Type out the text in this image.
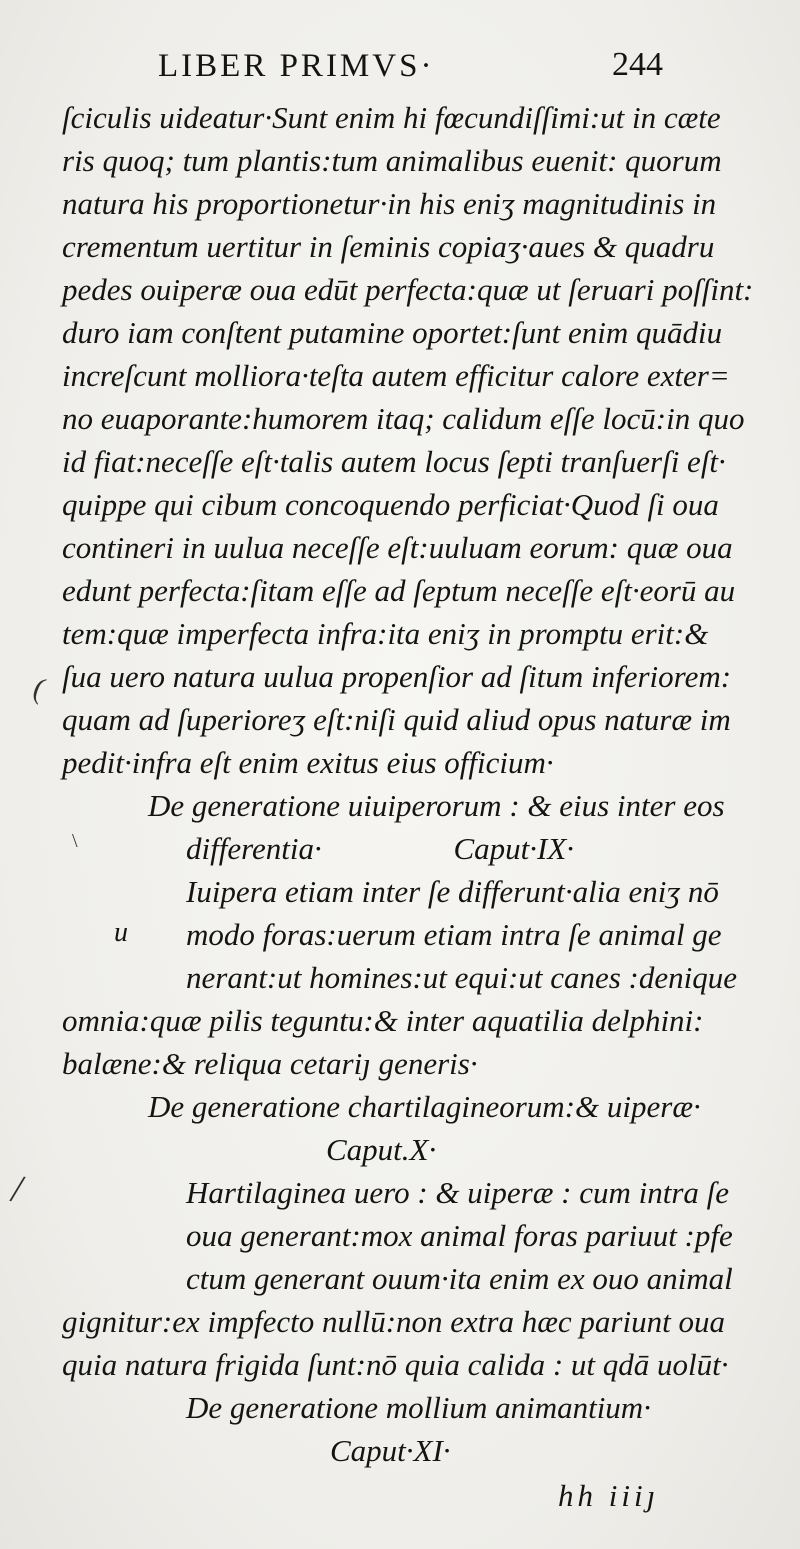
(
/
\
LIBER PRIMVS·	244
ſciculis uideatur·Sunt enim hi fœcundiſſimi:ut in cæte
ris quoq; tum plantis:tum animalibus euenit: quorum
natura his proportionetur·in his eniʒ magnitudinis in
crementum uertitur in ſeminis copiaʒ·aues & quadru
pedes ouiperæ oua edūt perfecta:quæ ut ſeruari poſſint:
duro iam conſtent putamine oportet:ſunt enim quādiu
increſcunt molliora·teſta autem efficitur calore exter=
no euaporante:humorem itaq; calidum eſſe locū:in quo
id fiat:neceſſe eſt·talis autem locus ſepti tranſuerſi eſt·
quippe qui cibum concoquendo perficiat·Quod ſi oua
contineri in uulua neceſſe eſt:uuluam eorum: quæ oua
edunt perfecta:ſitam eſſe ad ſeptum neceſſe eſt·eorū au
tem:quæ imperfecta infra:ita eniʒ in promptu erit:&
ſua uero natura uulua propenſior ad ſitum inferiorem:
quam ad ſuperioreʒ eſt:niſi quid aliud opus naturæ im
pedit·infra eſt enim exitus eius officium·
De generatione uiuiperorum : & eius inter eos
differentia·                 Caput·IX·
Iuipera etiam inter ſe differunt·alia eniʒ nō
u modo foras:uerum etiam intra ſe animal ge
nerant:ut homines:ut equi:ut canes :denique
omnia:quæ pilis teguntu:& inter aquatilia delphini:
balæne:& reliqua cetariȷ generis·
De generatione chartilagineorum:& uiperæ·
Caput.X·
Hartilaginea uero : & uiperæ : cum intra ſe
oua generant:mox animal foras pariuut :pfe
ctum generant ouum·ita enim ex ouo animal
gignitur:ex impfecto nullū:non extra hæc pariunt oua
quia natura frigida ſunt:nō quia calida : ut qdā uolūt·
De generatione mollium animantium·
Caput·XI·
hh iiiȷ
